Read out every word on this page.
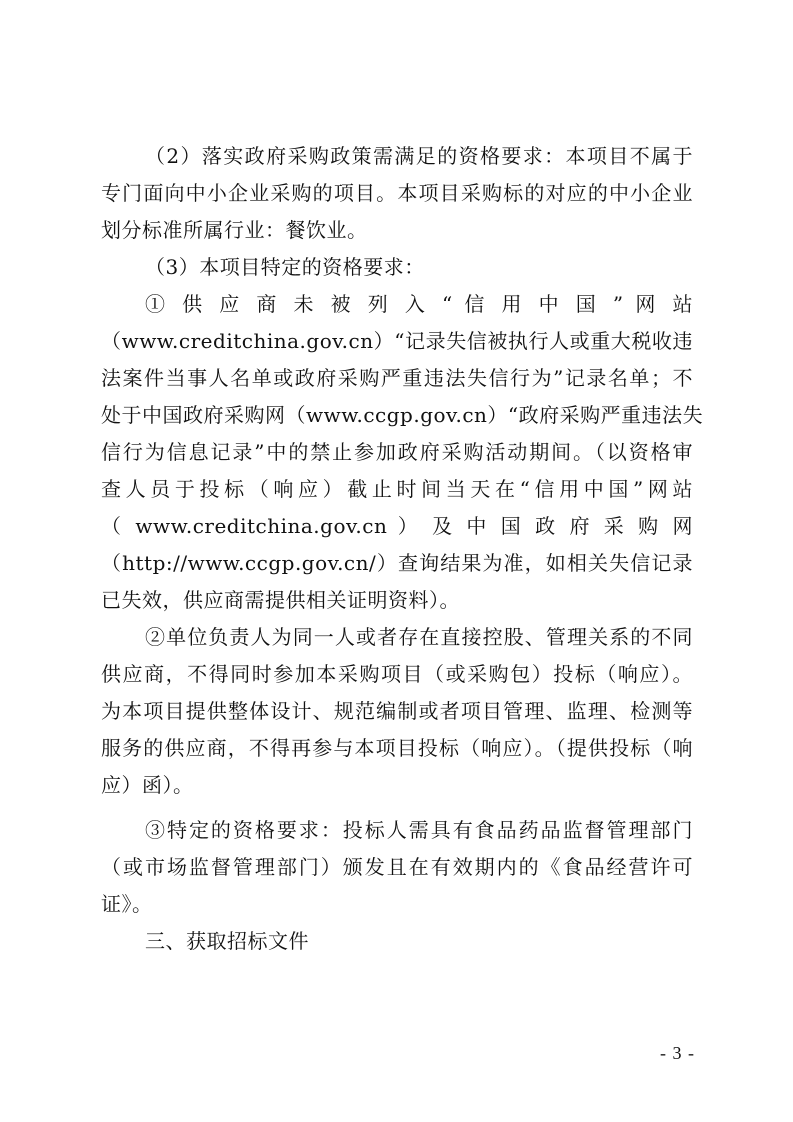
（2）落实政府采购政策需满足的资格要求：本项目不属于
专门面向中小企业采购的项目。本项目采购标的对应的中小企业
划分标准所属行业：餐饮业。
（3）本项目特定的资格要求：
① 供 应 商 未 被 列 入 “ 信 用 中 国 ” 网 站
（www.creditchina.gov.cn）“记录失信被执行人或重大税收违
法案件当事人名单或政府采购严重违法失信行为”记录名单；不
处于中国政府采购网（www.ccgp.gov.cn）“政府采购严重违法失
信行为信息记录”中的禁止参加政府采购活动期间。（以资格审
查人员于投标（响应）截止时间当天在“信用中国”网站
（ www.creditchina.gov.cn ） 及 中 国 政 府 采 购 网
（http://www.ccgp.gov.cn/）查询结果为准，如相关失信记录
已失效，供应商需提供相关证明资料）。
②单位负责人为同一人或者存在直接控股、管理关系的不同
供应商，不得同时参加本采购项目（或采购包）投标（响应）。
为本项目提供整体设计、规范编制或者项目管理、监理、检测等
服务的供应商，不得再参与本项目投标（响应）。（提供投标（响
应）函）。
③特定的资格要求：投标人需具有食品药品监督管理部门
（或市场监督管理部门）颁发且在有效期内的《食品经营许可
证》。
三、获取招标文件
- 3 -
